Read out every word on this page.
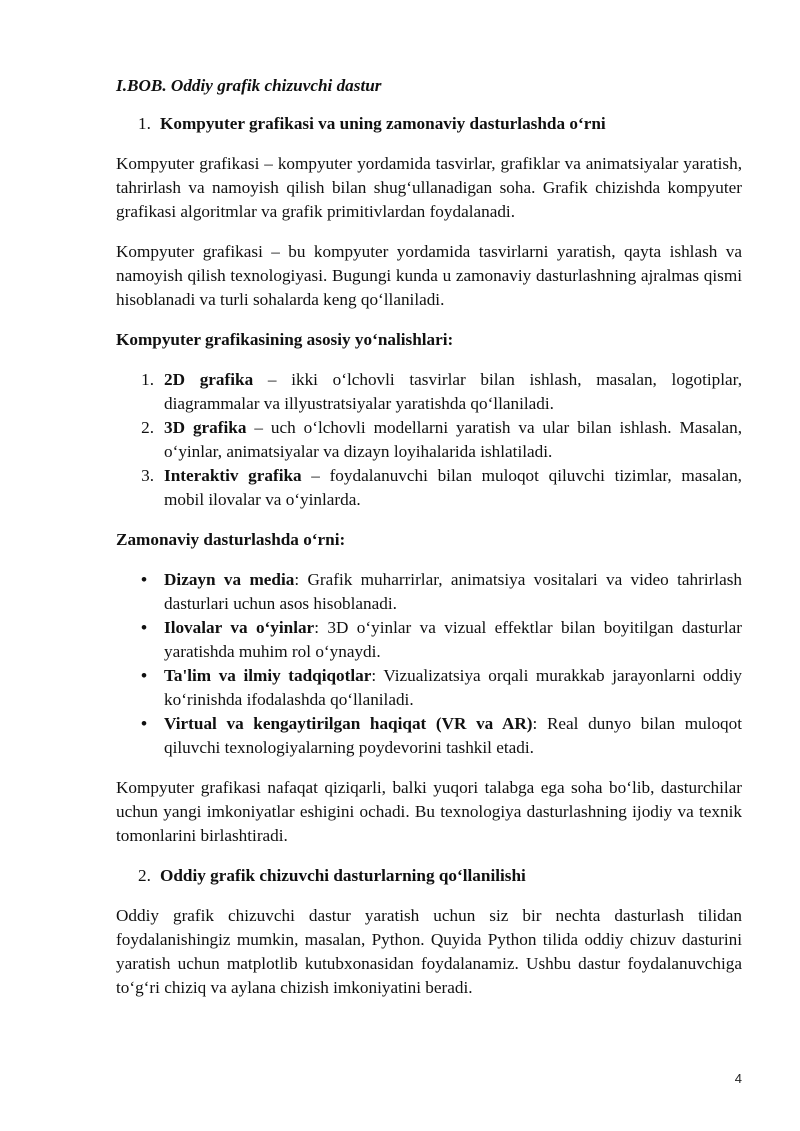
I.BOB. Oddiy grafik chizuvchi dastur
1. Kompyuter grafikasi va uning zamonaviy dasturlashda o‘rni

Kompyuter grafikasi – kompyuter yordamida tasvirlar, grafiklar va animatsiyalar yaratish, tahrirlash va namoyish qilish bilan shug‘ullanadigan soha. Grafik chizishda kompyuter grafikasi algoritmlar va grafik primitivlardan foydalanadi.

Kompyuter grafikasi – bu kompyuter yordamida tasvirlarni yaratish, qayta ishlash va namoyish qilish texnologiyasi. Bugungi kunda u zamonaviy dasturlashning ajralmas qismi hisoblanadi va turli sohalarda keng qo‘llaniladi.

Kompyuter grafikasining asosiy yo‘nalishlari:
1. 2D grafika – ikki o‘lchovli tasvirlar bilan ishlash, masalan, logotiplar, diagrammalar va illyustratsiyalar yaratishda qo‘llaniladi.
2. 3D grafika – uch o‘lchovli modellarni yaratish va ular bilan ishlash. Masalan, o‘yinlar, animatsiyalar va dizayn loyihalarida ishlatiladi.
3. Interaktiv grafika – foydalanuvchi bilan muloqot qiluvchi tizimlar, masalan, mobil ilovalar va o‘yinlarda.
Zamonaviy dasturlashda o‘rni:
• Dizayn va media: Grafik muharrirlar, animatsiya vositalari va video tahrirlash dasturlari uchun asos hisoblanadi.
• Ilovalar va o‘yinlar: 3D o‘yinlar va vizual effektlar bilan boyitilgan dasturlar yaratishda muhim rol o‘ynaydi.
• Ta'lim va ilmiy tadqiqotlar: Vizualizatsiya orqali murakkab jarayonlarni oddiy ko‘rinishda ifodalashda qo‘llaniladi.
• Virtual va kengaytirilgan haqiqat (VR va AR): Real dunyo bilan muloqot qiluvchi texnologiyalarning poydevorini tashkil etadi.

Kompyuter grafikasi nafaqat qiziqarli, balki yuqori talabga ega soha bo‘lib, dasturchilar uchun yangi imkoniyatlar eshigini ochadi. Bu texnologiya dasturlashning ijodiy va texnik tomonlarini birlashtiradi.

2. Oddiy grafik chizuvchi dasturlarning qo‘llanilishi

Oddiy grafik chizuvchi dastur yaratish uchun siz bir nechta dasturlash tilidan foydalanishingiz mumkin, masalan, Python. Quyida Python tilida oddiy chizuv dasturini yaratish uchun matplotlib kutubxonasidan foydalanamiz. Ushbu dastur foydalanuvchiga to‘g‘ri chiziq va aylana chizish imkoniyatini beradi.

4
